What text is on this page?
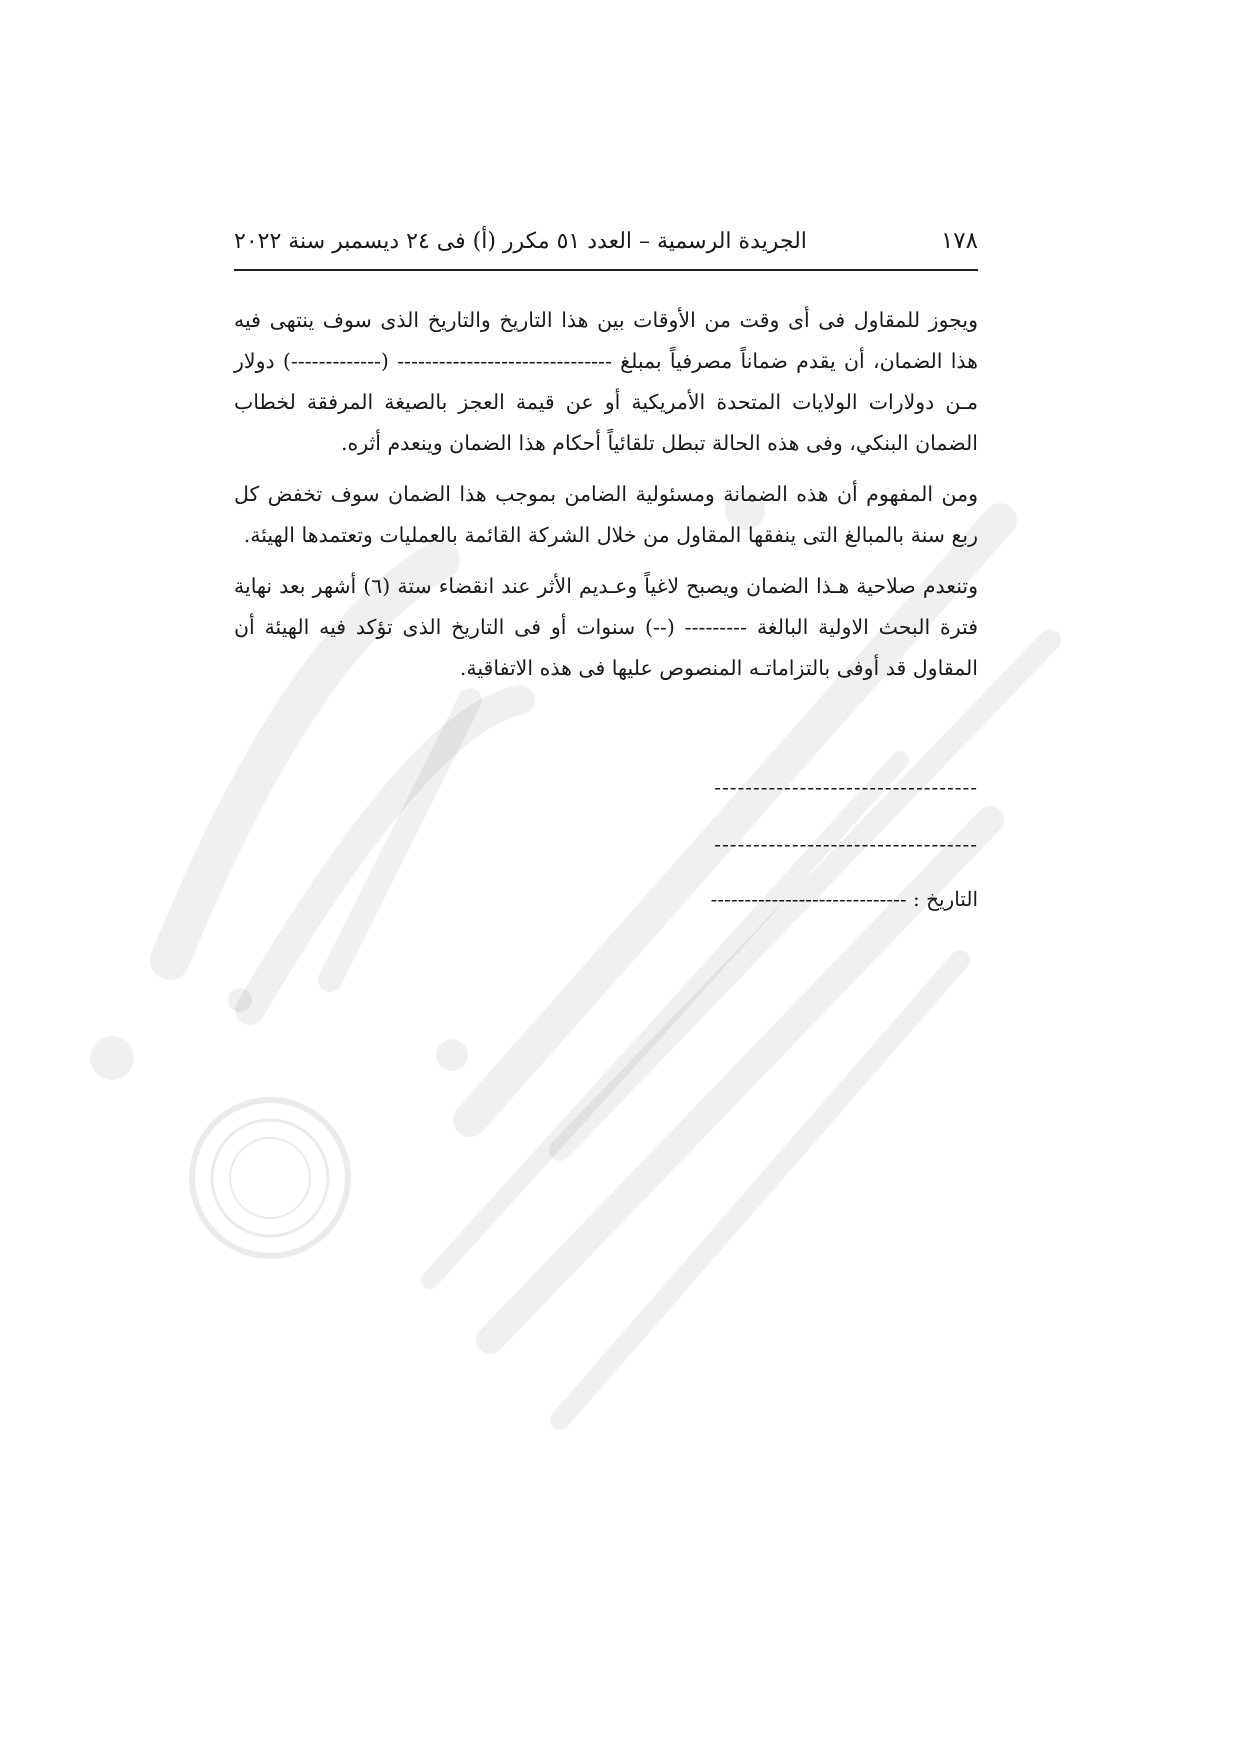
١٧٨
الجريدة الرسمية – العدد ٥١ مكرر (أ) فى ٢٤ ديسمبر سنة ٢٠٢٢

ويجوز للمقاول فى أى وقت من الأوقات بين هذا التاريخ والتاريخ الذى سوف ينتهى فيه هذا الضمان، أن يقدم ضماناً مصرفياً بمبلغ ------------------------------- (-------------) دولار مـن دولارات الولايات المتحدة الأمريكية أو عن قيمة العجز بالصيغة المرفقة لخطاب الضمان البنكي، وفى هذه الحالة تبطل تلقائياً أحكام هذا الضمان وينعدم أثره.

ومن المفهوم أن هذه الضمانة ومسئولية الضامن بموجب هذا الضمان سوف تخفض كل ربع سنة بالمبالغ التى ينفقها المقاول من خلال الشركة القائمة بالعمليات وتعتمدها الهيئة.

وتنعدم صلاحية هـذا الضمان ويصبح لاغياً وعـديم الأثر عند انقضاء ستة (٦) أشهر بعد نهاية فترة البحث الاولية البالغة --------- (--) سنوات أو فى التاريخ الذى تؤكد فيه الهيئة أن المقاول قد أوفى بالتزاماتـه المنصوص عليها فى هذه الاتفاقية.

----------------------------------
----------------------------------
التاريخ : -----------------------------
